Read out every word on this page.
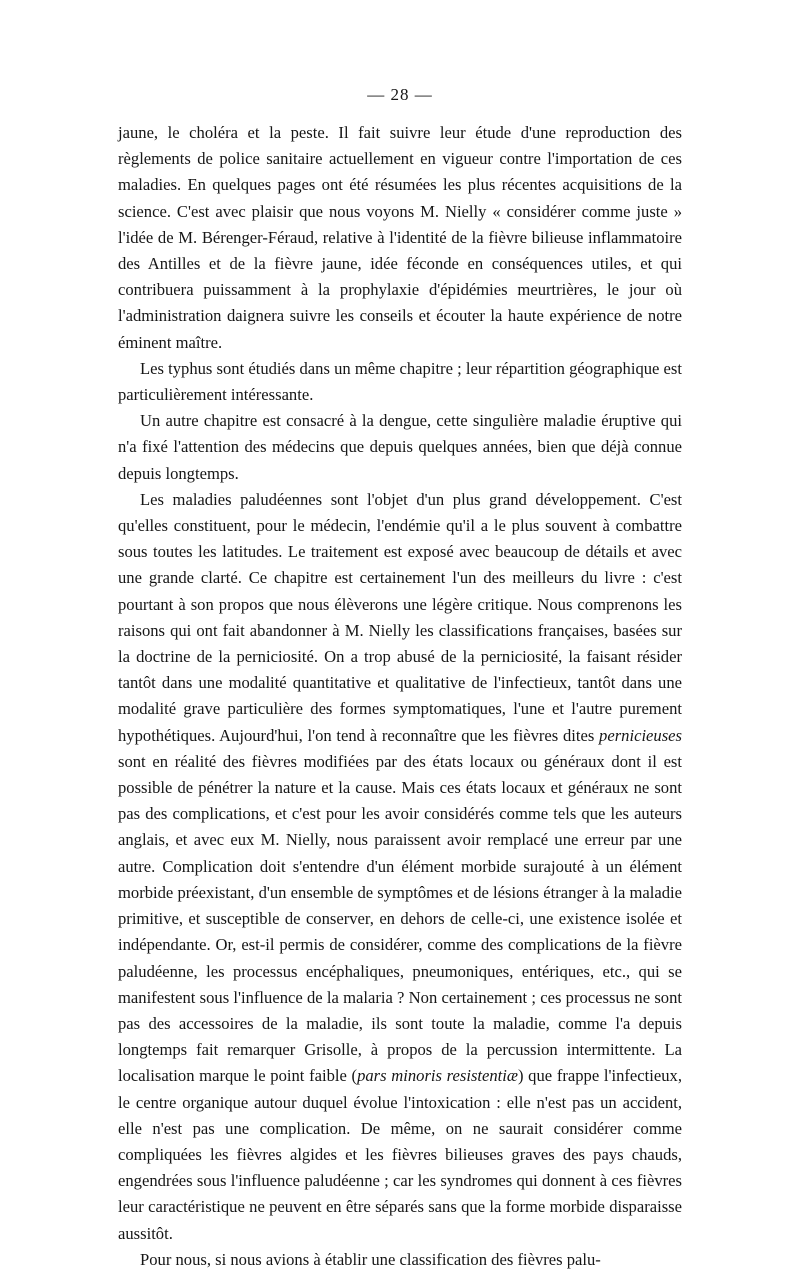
— 28 —

jaune, le choléra et la peste. Il fait suivre leur étude d'une reproduction des règlements de police sanitaire actuellement en vigueur contre l'importation de ces maladies. En quelques pages ont été résumées les plus récentes acquisitions de la science. C'est avec plaisir que nous voyons M. Nielly « considérer comme juste » l'idée de M. Bérenger-Féraud, relative à l'identité de la fièvre bilieuse inflammatoire des Antilles et de la fièvre jaune, idée féconde en conséquences utiles, et qui contribuera puissamment à la prophylaxie d'épidémies meurtrières, le jour où l'administration daignera suivre les conseils et écouter la haute expérience de notre éminent maître.

Les typhus sont étudiés dans un même chapitre ; leur répartition géographique est particulièrement intéressante.

Un autre chapitre est consacré à la dengue, cette singulière maladie éruptive qui n'a fixé l'attention des médecins que depuis quelques années, bien que déjà connue depuis longtemps.

Les maladies paludéennes sont l'objet d'un plus grand développement. C'est qu'elles constituent, pour le médecin, l'endémie qu'il a le plus souvent à combattre sous toutes les latitudes. Le traitement est exposé avec beaucoup de détails et avec une grande clarté. Ce chapitre est certainement l'un des meilleurs du livre : c'est pourtant à son propos que nous élèverons une légère critique. Nous comprenons les raisons qui ont fait abandonner à M. Nielly les classifications françaises, basées sur la doctrine de la perniciosité. On a trop abusé de la perniciosité, la faisant résider tantôt dans une modalité quantitative et qualitative de l'infectieux, tantôt dans une modalité grave particulière des formes symptomatiques, l'une et l'autre purement hypothétiques. Aujourd'hui, l'on tend à reconnaître que les fièvres dites pernicieuses sont en réalité des fièvres modifiées par des états locaux ou généraux dont il est possible de pénétrer la nature et la cause. Mais ces états locaux et généraux ne sont pas des complications, et c'est pour les avoir considérés comme tels que les auteurs anglais, et avec eux M. Nielly, nous paraissent avoir remplacé une erreur par une autre. Complication doit s'entendre d'un élément morbide surajouté à un élément morbide préexistant, d'un ensemble de symptômes et de lésions étranger à la maladie primitive, et susceptible de conserver, en dehors de celle-ci, une existence isolée et indépendante. Or, est-il permis de considérer, comme des complications de la fièvre paludéenne, les processus encéphaliques, pneumoniques, entériques, etc., qui se manifestent sous l'influence de la malaria ? Non certainement ; ces processus ne sont pas des accessoires de la maladie, ils sont toute la maladie, comme l'a depuis longtemps fait remarquer Grisolle, à propos de la percussion intermittente. La localisation marque le point faible (pars minoris resistentiæ) que frappe l'infectieux, le centre organique autour duquel évolue l'intoxication : elle n'est pas un accident, elle n'est pas une complication. De même, on ne saurait considérer comme compliquées les fièvres algides et les fièvres bilieuses graves des pays chauds, engendrées sous l'influence paludéenne ; car les syndromes qui donnent à ces fièvres leur caractéristique ne peuvent en être séparés sans que la forme morbide disparaisse aussitôt.

Pour nous, si nous avions à établir une classification des fièvres palu-
